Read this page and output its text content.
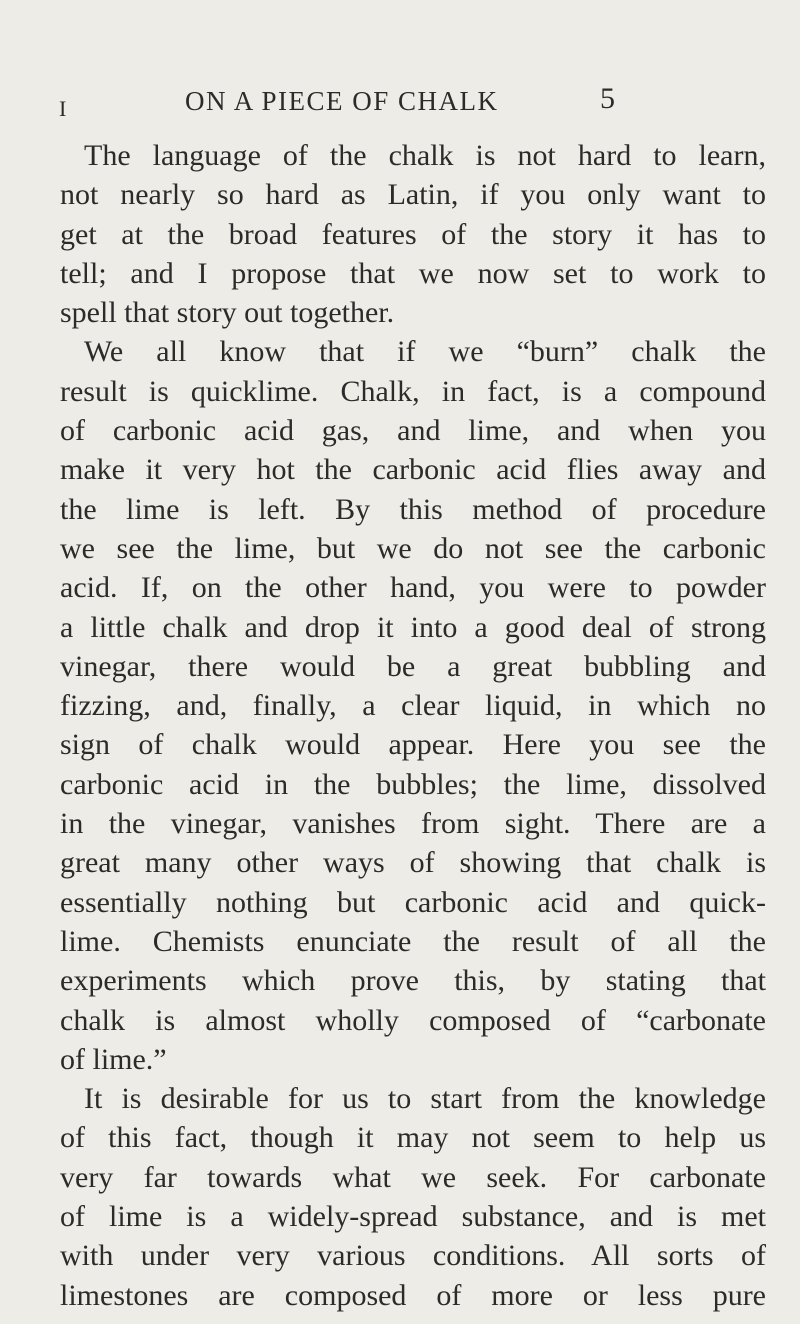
I	ON A PIECE OF CHALK	5
The language of the chalk is not hard to learn,
not nearly so hard as Latin, if you only want to
get at the broad features of the story it has to
tell; and I propose that we now set to work to
spell that story out together.
We all know that if we “burn” chalk the
result is quicklime. Chalk, in fact, is a compound
of carbonic acid gas, and lime, and when you
make it very hot the carbonic acid flies away and
the lime is left. By this method of procedure
we see the lime, but we do not see the carbonic
acid. If, on the other hand, you were to powder
a little chalk and drop it into a good deal of strong
vinegar, there would be a great bubbling and
fizzing, and, finally, a clear liquid, in which no
sign of chalk would appear. Here you see the
carbonic acid in the bubbles; the lime, dissolved
in the vinegar, vanishes from sight. There are a
great many other ways of showing that chalk is
essentially nothing but carbonic acid and quick-
lime. Chemists enunciate the result of all the
experiments which prove this, by stating that
chalk is almost wholly composed of “carbonate
of lime.”
It is desirable for us to start from the knowledge
of this fact, though it may not seem to help us
very far towards what we seek. For carbonate
of lime is a widely-spread substance, and is met
with under very various conditions. All sorts of
limestones are composed of more or less pure
